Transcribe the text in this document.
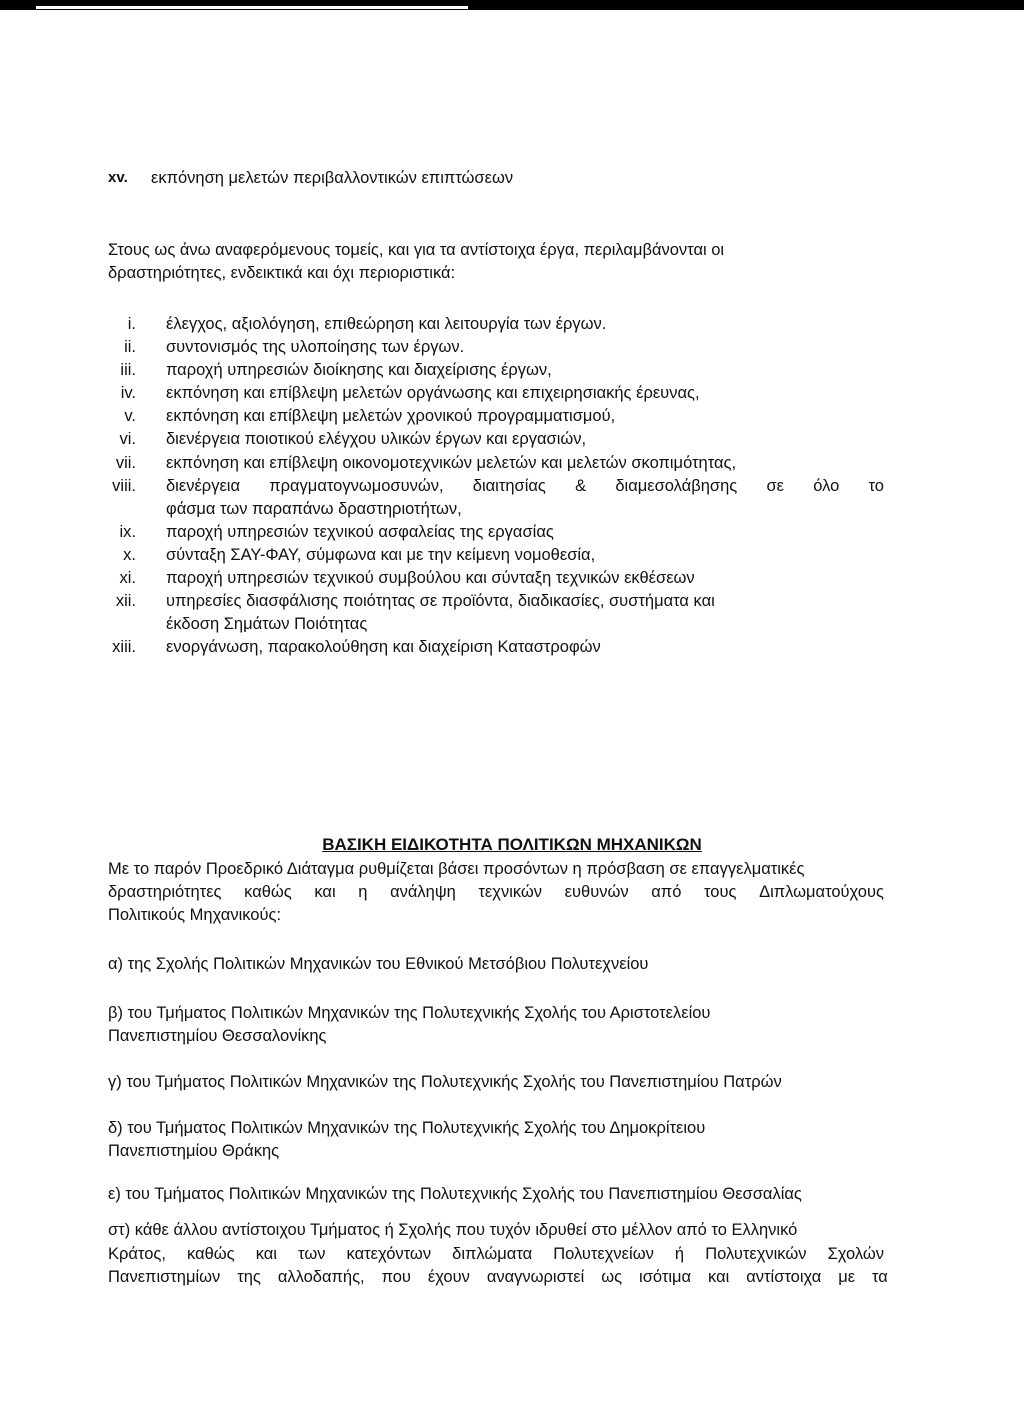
xv. εκπόνηση μελετών περιβαλλοντικών επιπτώσεων
Στους ως άνω αναφερόμενους τομείς, και για τα αντίστοιχα έργα, περιλαμβάνονται οι
δραστηριότητες, ενδεικτικά και όχι περιοριστικά:
i. έλεγχος, αξιολόγηση, επιθεώρηση και λειτουργία των έργων.
ii. συντονισμός της υλοποίησης των έργων.
iii. παροχή υπηρεσιών διοίκησης και διαχείρισης έργων,
iv. εκπόνηση και επίβλεψη μελετών οργάνωσης και επιχειρησιακής έρευνας,
v. εκπόνηση και επίβλεψη μελετών χρονικού προγραμματισμού,
vi. διενέργεια ποιοτικού ελέγχου υλικών έργων και εργασιών,
vii. εκπόνηση και επίβλεψη οικονομοτεχνικών μελετών και μελετών σκοπιμότητας,
viii. διενέργεια πραγματογνωμοσυνών, διαιτησίας & διαμεσολάβησης σε όλο το
φάσμα των παραπάνω δραστηριοτήτων,
ix. παροχή υπηρεσιών τεχνικού ασφαλείας της εργασίας
x. σύνταξη ΣΑΥ-ΦΑΥ, σύμφωνα και με την κείμενη νομοθεσία,
xi. παροχή υπηρεσιών τεχνικού συμβούλου και σύνταξη τεχνικών εκθέσεων
xii. υπηρεσίες διασφάλισης ποιότητας σε προϊόντα, διαδικασίες, συστήματα και
έκδοση Σημάτων Ποιότητας
xiii. ενοργάνωση, παρακολούθηση και διαχείριση Καταστροφών
ΒΑΣΙΚΗ ΕΙΔΙΚΟΤΗΤΑ ΠΟΛΙΤΙΚΩΝ ΜΗΧΑΝΙΚΩΝ
Με το παρόν Προεδρικό Διάταγμα ρυθμίζεται βάσει προσόντων η πρόσβαση σε επαγγελματικές
δραστηριότητες καθώς και η ανάληψη τεχνικών ευθυνών από τους Διπλωματούχους
Πολιτικούς Μηχανικούς:
α) της Σχολής Πολιτικών Μηχανικών του Εθνικού Μετσόβιου Πολυτεχνείου
β) του Τμήματος Πολιτικών Μηχανικών της Πολυτεχνικής Σχολής του Αριστοτελείου
Πανεπιστημίου Θεσσαλονίκης
γ) του Τμήματος Πολιτικών Μηχανικών της Πολυτεχνικής Σχολής του Πανεπιστημίου Πατρών
δ) του Τμήματος Πολιτικών Μηχανικών της Πολυτεχνικής Σχολής του Δημοκρίτειου
Πανεπιστημίου Θράκης
ε) του Τμήματος Πολιτικών Μηχανικών της Πολυτεχνικής Σχολής του Πανεπιστημίου Θεσσαλίας
στ) κάθε άλλου αντίστοιχου Τμήματος ή Σχολής που τυχόν ιδρυθεί στο μέλλον από το Ελληνικό
Κράτος, καθώς και των κατεχόντων διπλώματα Πολυτεχνείων ή Πολυτεχνικών Σχολών
Πανεπιστημίων της αλλοδαπής, που έχουν αναγνωριστεί ως ισότιμα και αντίστοιχα με τα
